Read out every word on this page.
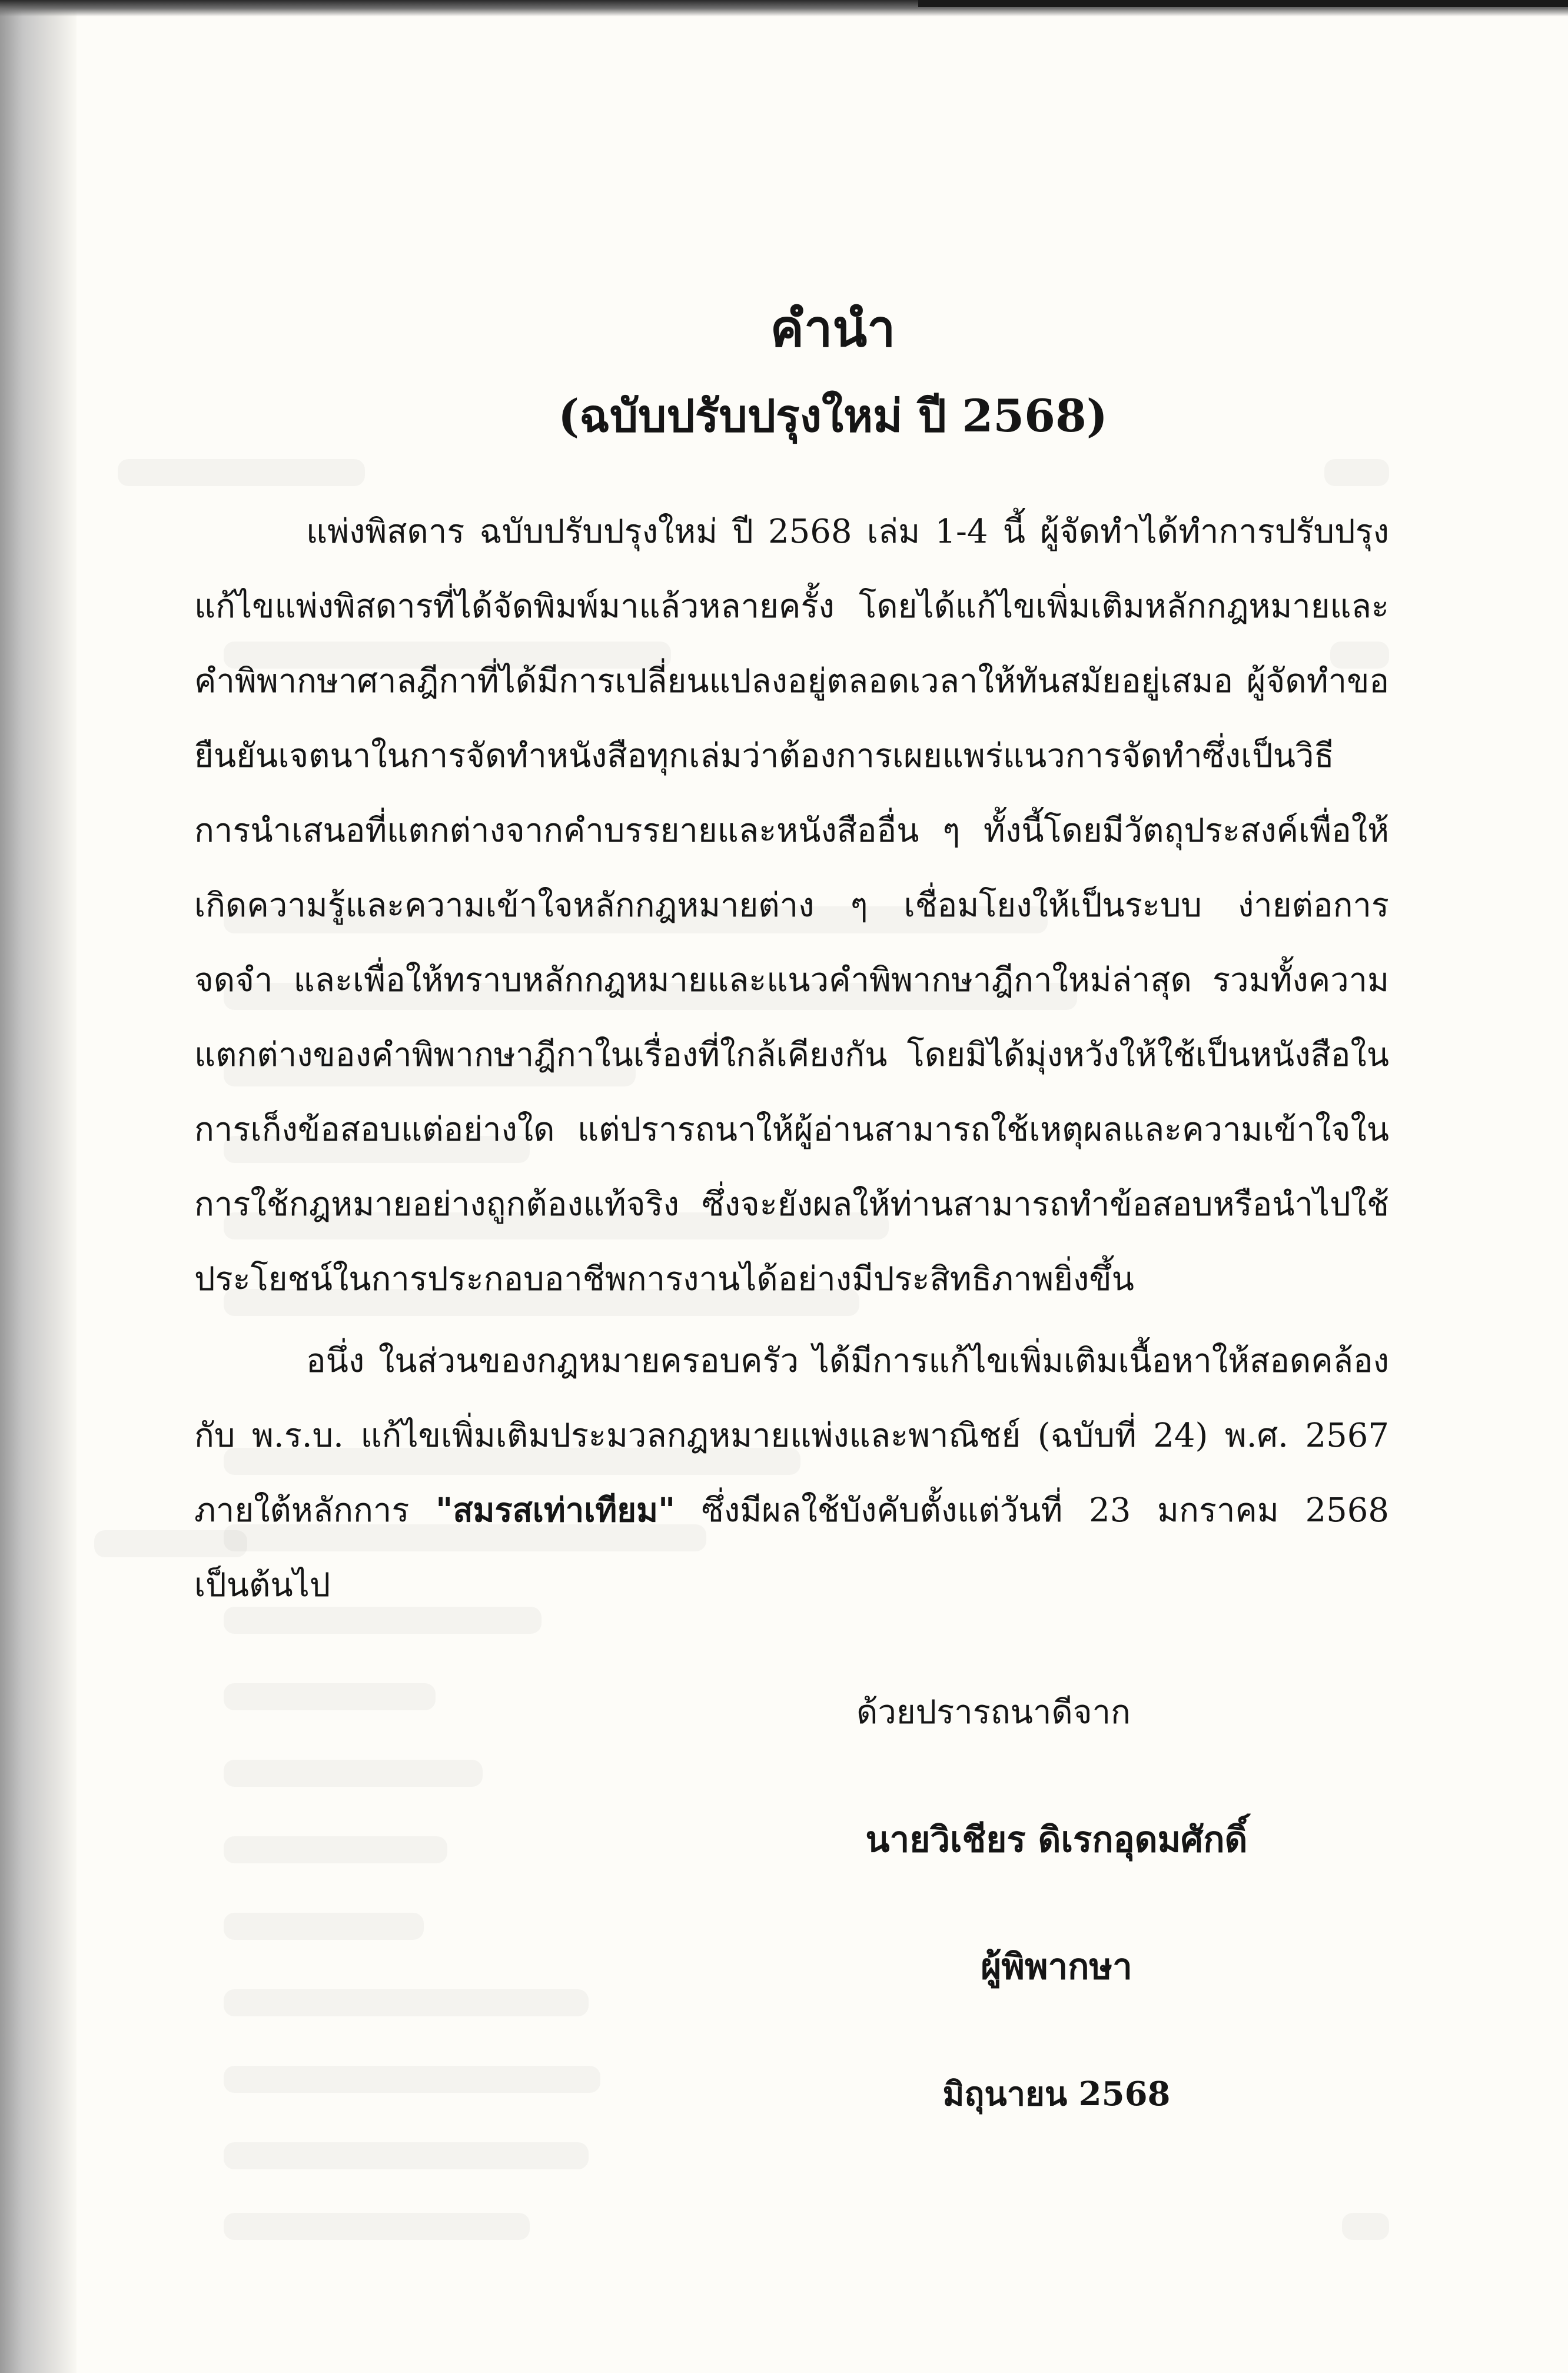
คำนำ
(ฉบับปรับปรุงใหม่ ปี 2568)

แพ่งพิสดาร ฉบับปรับปรุงใหม่ ปี 2568 เล่ม 1-4 นี้ ผู้จัดทำได้ทำการปรับปรุงแก้ไขแพ่งพิสดารที่ได้จัดพิมพ์มาแล้วหลายครั้ง โดยได้แก้ไขเพิ่มเติมหลักกฎหมายและคำพิพากษาศาลฎีกาที่ได้มีการเปลี่ยนแปลงอยู่ตลอดเวลาให้ทันสมัยอยู่เสมอ ผู้จัดทำขอยืนยันเจตนาในการจัดทำหนังสือทุกเล่มว่าต้องการเผยแพร่แนวการจัดทำซึ่งเป็นวิธีการนำเสนอที่แตกต่างจากคำบรรยายและหนังสืออื่น ๆ ทั้งนี้โดยมีวัตถุประสงค์เพื่อให้เกิดความรู้และความเข้าใจหลักกฎหมายต่าง ๆ เชื่อมโยงให้เป็นระบบ ง่ายต่อการจดจำ และเพื่อให้ทราบหลักกฎหมายและแนวคำพิพากษาฎีกาใหม่ล่าสุด รวมทั้งความแตกต่างของคำพิพากษาฎีกาในเรื่องที่ใกล้เคียงกัน โดยมิได้มุ่งหวังให้ใช้เป็นหนังสือในการเก็งข้อสอบแต่อย่างใด แต่ปรารถนาให้ผู้อ่านสามารถใช้เหตุผลและความเข้าใจในการใช้กฎหมายอย่างถูกต้องแท้จริง ซึ่งจะยังผลให้ท่านสามารถทำข้อสอบหรือนำไปใช้ประโยชน์ในการประกอบอาชีพการงานได้อย่างมีประสิทธิภาพยิ่งขึ้น

อนึ่ง ในส่วนของกฎหมายครอบครัว ได้มีการแก้ไขเพิ่มเติมเนื้อหาให้สอดคล้องกับ พ.ร.บ. แก้ไขเพิ่มเติมประมวลกฎหมายแพ่งและพาณิชย์ (ฉบับที่ 24) พ.ศ. 2567 ภายใต้หลักการ "สมรสเท่าเทียม" ซึ่งมีผลใช้บังคับตั้งแต่วันที่ 23 มกราคม 2568 เป็นต้นไป

ด้วยปรารถนาดีจาก
นายวิเชียร ดิเรกอุดมศักดิ์
ผู้พิพากษา
มิถุนายน 2568
